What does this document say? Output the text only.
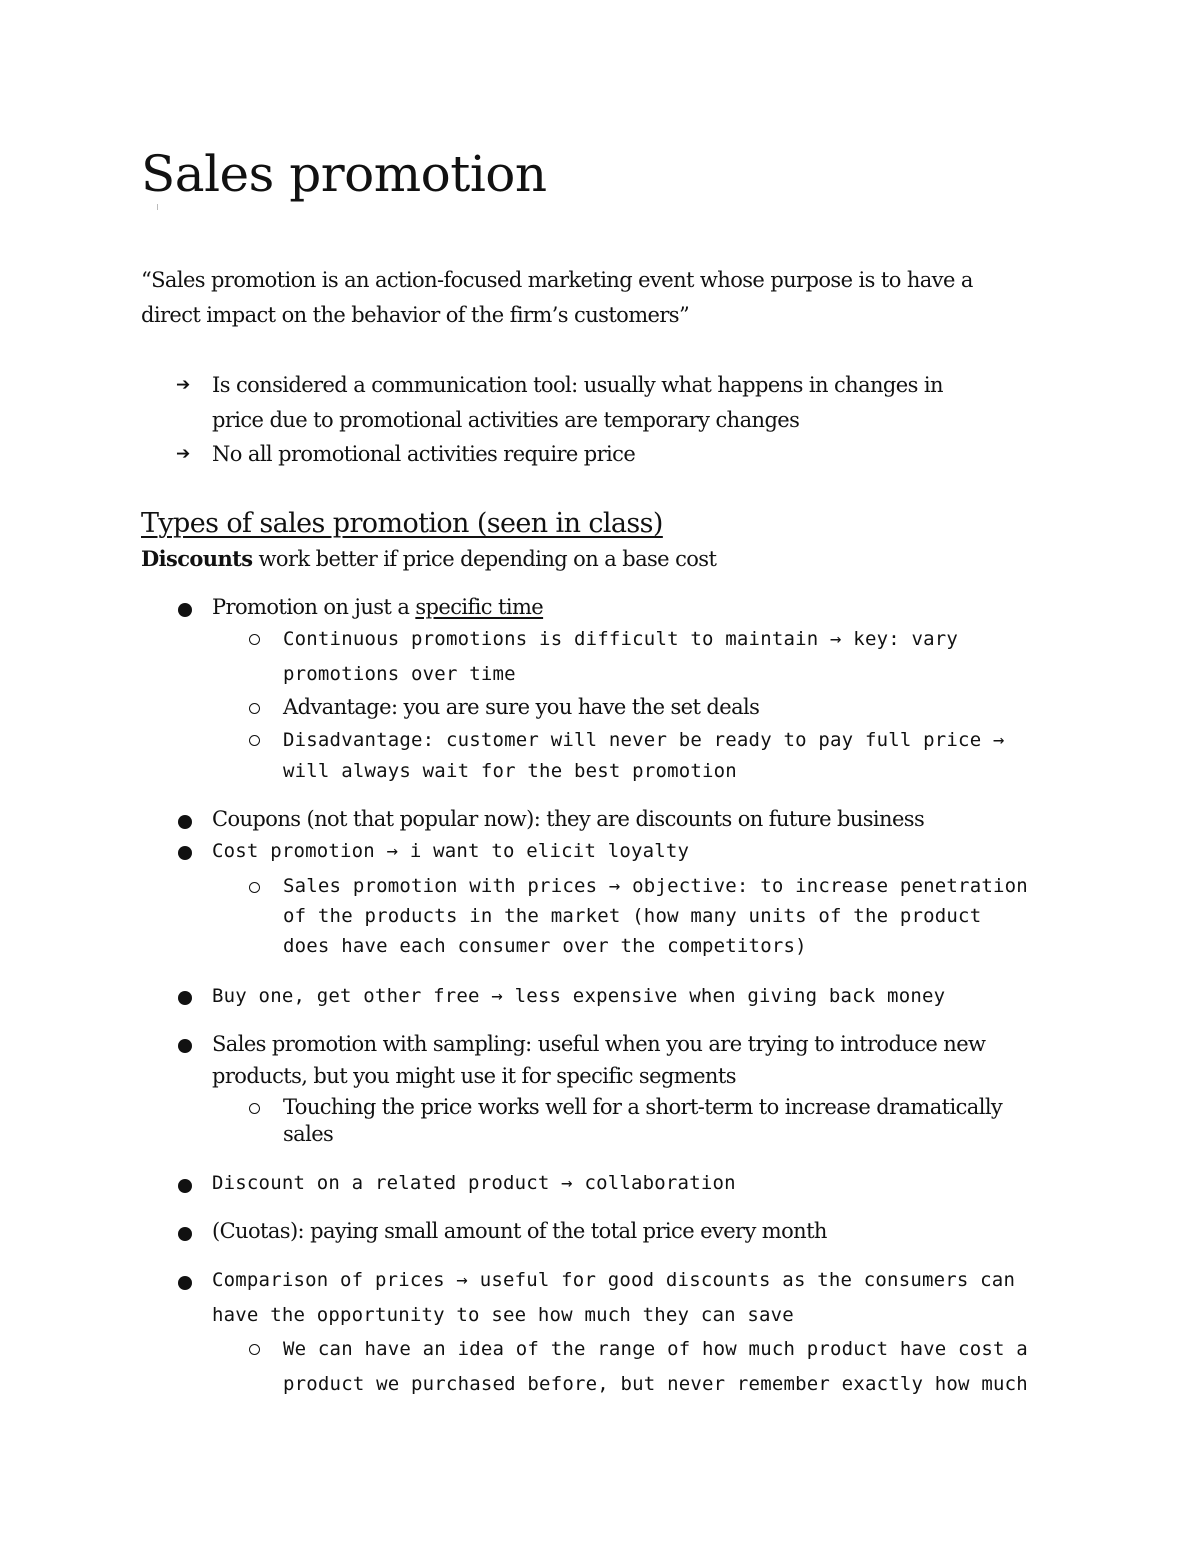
Sales promotion
“Sales promotion is an action-focused marketing event whose purpose is to have a
direct impact on the behavior of the firm’s customers”
➔ Is considered a communication tool: usually what happens in changes in
price due to promotional activities are temporary changes
➔ No all promotional activities require price
Types of sales promotion (seen in class)
Discounts work better if price depending on a base cost
Promotion on just a specific time
Continuous promotions is difficult to maintain → key: vary
promotions over time
Advantage: you are sure you have the set deals
Disadvantage: customer will never be ready to pay full price →
will always wait for the best promotion
Coupons (not that popular now): they are discounts on future business
Cost promotion → i want to elicit loyalty
Sales promotion with prices → objective: to increase penetration
of the products in the market (how many units of the product
does have each consumer over the competitors)
Buy one, get other free → less expensive when giving back money
Sales promotion with sampling: useful when you are trying to introduce new
products, but you might use it for specific segments
Touching the price works well for a short-term to increase dramatically
sales
Discount on a related product → collaboration
(Cuotas): paying small amount of the total price every month
Comparison of prices → useful for good discounts as the consumers can
have the opportunity to see how much they can save
We can have an idea of the range of how much product have cost a
product we purchased before, but never remember exactly how much
